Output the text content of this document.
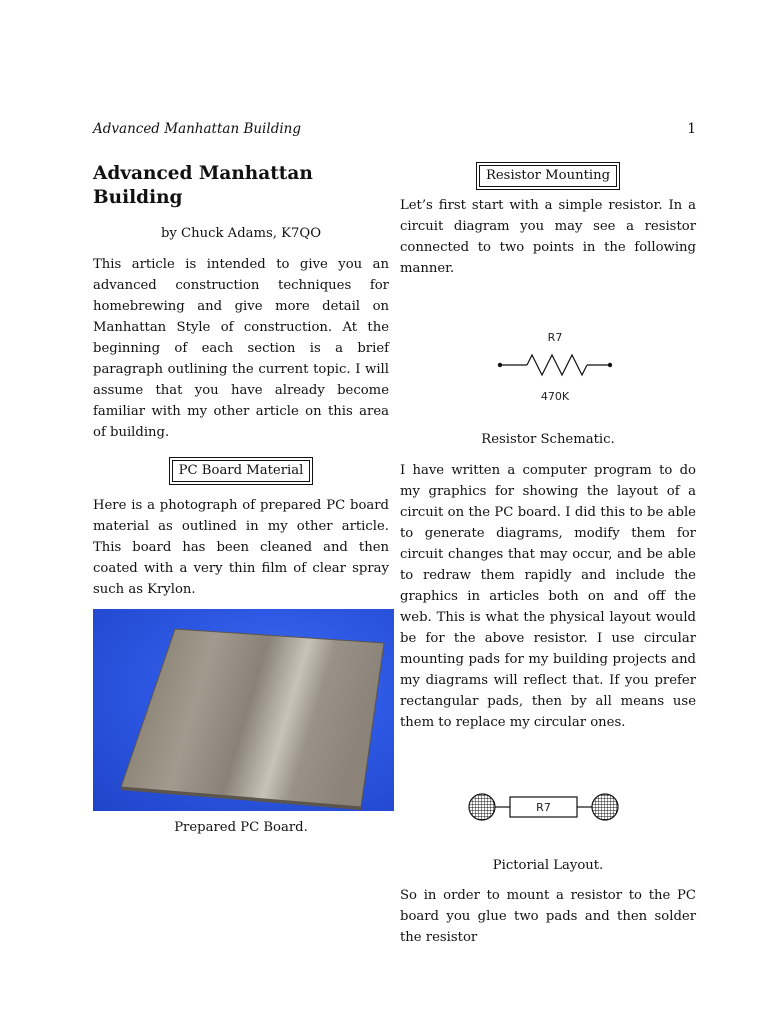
Advanced Manhattan Building	1
Advanced Manhattan Building
by Chuck Adams, K7QO

This article is intended to give you an advanced construction techniques for homebrewing and give more detail on Manhattan Style of construction. At the beginning of each section is a brief paragraph outlining the current topic. I will assume that you have already become familiar with my other article on this area of building.

PC Board Material

Here is a photograph of prepared PC board material as outlined in my other article. This board has been cleaned and then coated with a very thin film of clear spray such as Krylon.

Prepared PC Board.
Resistor Mounting

Let’s first start with a simple resistor. In a circuit diagram you may see a resistor connected to two points in the following manner.

R7
470K
Resistor Schematic.

I have written a computer program to do my graphics for showing the layout of a circuit on the PC board. I did this to be able to generate diagrams, modify them for circuit changes that may occur, and be able to redraw them rapidly and include the graphics in articles both on and off the web. This is what the physical layout would be for the above resistor. I use circular mounting pads for my building projects and my diagrams will reflect that. If you prefer rectangular pads, then by all means use them to replace my circular ones.

R7
Pictorial Layout.

So in order to mount a resistor to the PC board you glue two pads and then solder the resistor
